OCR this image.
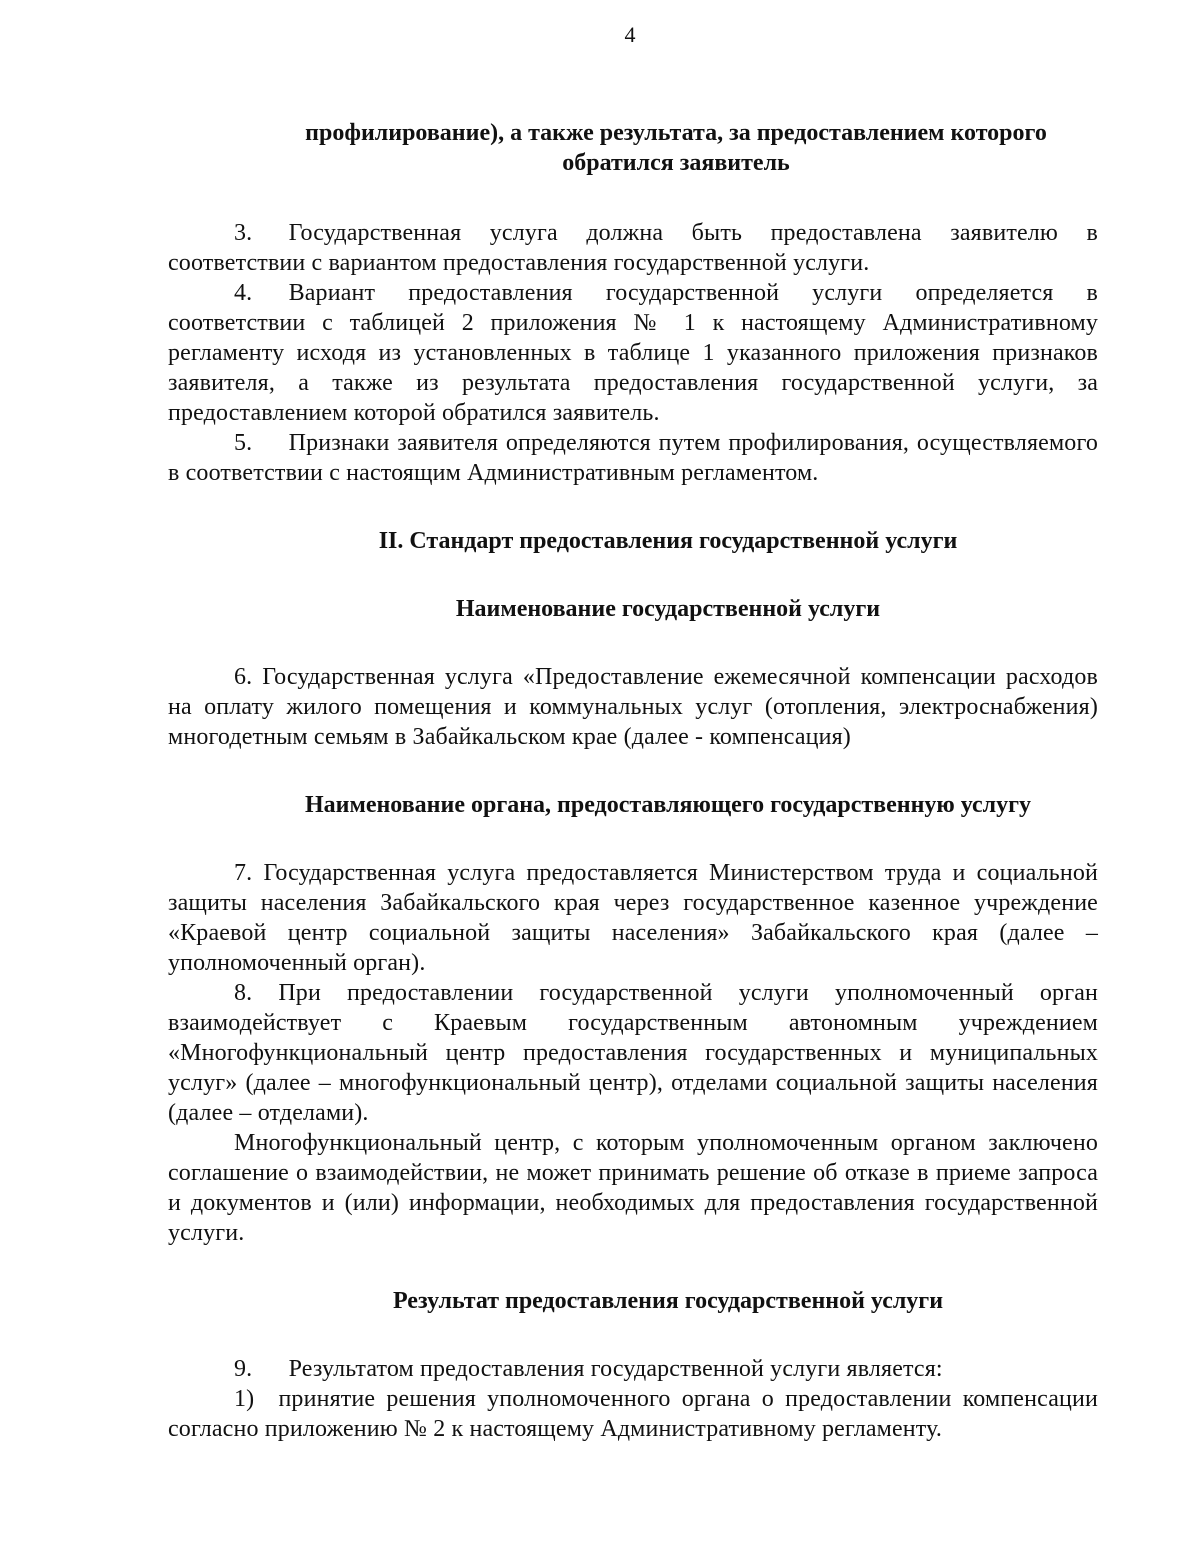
4
профилирование), а также результата, за предоставлением которого обратился заявитель

3.  Государственная услуга должна быть предоставлена заявителю в соответствии с вариантом предоставления государственной услуги.

4.  Вариант предоставления государственной услуги определяется в соответствии с таблицей 2 приложения № 1 к настоящему Административному регламенту исходя из установленных в таблице 1 указанного приложения признаков заявителя, а также из результата предоставления государственной услуги, за предоставлением которой обратился заявитель.

5.  Признаки заявителя определяются путем профилирования, осуществляемого в соответствии с настоящим Административным регламентом.

II. Стандарт предоставления государственной услуги
Наименование государственной услуги

6. Государственная услуга «Предоставление ежемесячной компенсации расходов на оплату жилого помещения и коммунальных услуг (отопления, электроснабжения) многодетным семьям в Забайкальском крае (далее - компенсация)

Наименование органа, предоставляющего государственную услугу

7. Государственная услуга предоставляется Министерством труда и социальной защиты населения Забайкальского края через государственное казенное учреждение «Краевой центр социальной защиты населения» Забайкальского края (далее – уполномоченный орган).

8. При предоставлении государственной услуги уполномоченный орган взаимодействует с Краевым государственным автономным учреждением «Многофункциональный центр предоставления государственных и муниципальных услуг» (далее – многофункциональный центр), отделами социальной защиты населения (далее – отделами).

Многофункциональный центр, с которым уполномоченным органом заключено соглашение о взаимодействии, не может принимать решение об отказе в приеме запроса и документов и (или) информации, необходимых для предоставления государственной услуги.

Результат предоставления государственной услуги

9.  Результатом предоставления государственной услуги является:

1) принятие решения уполномоченного органа о предоставлении компенсации согласно приложению № 2 к настоящему Административному регламенту.
